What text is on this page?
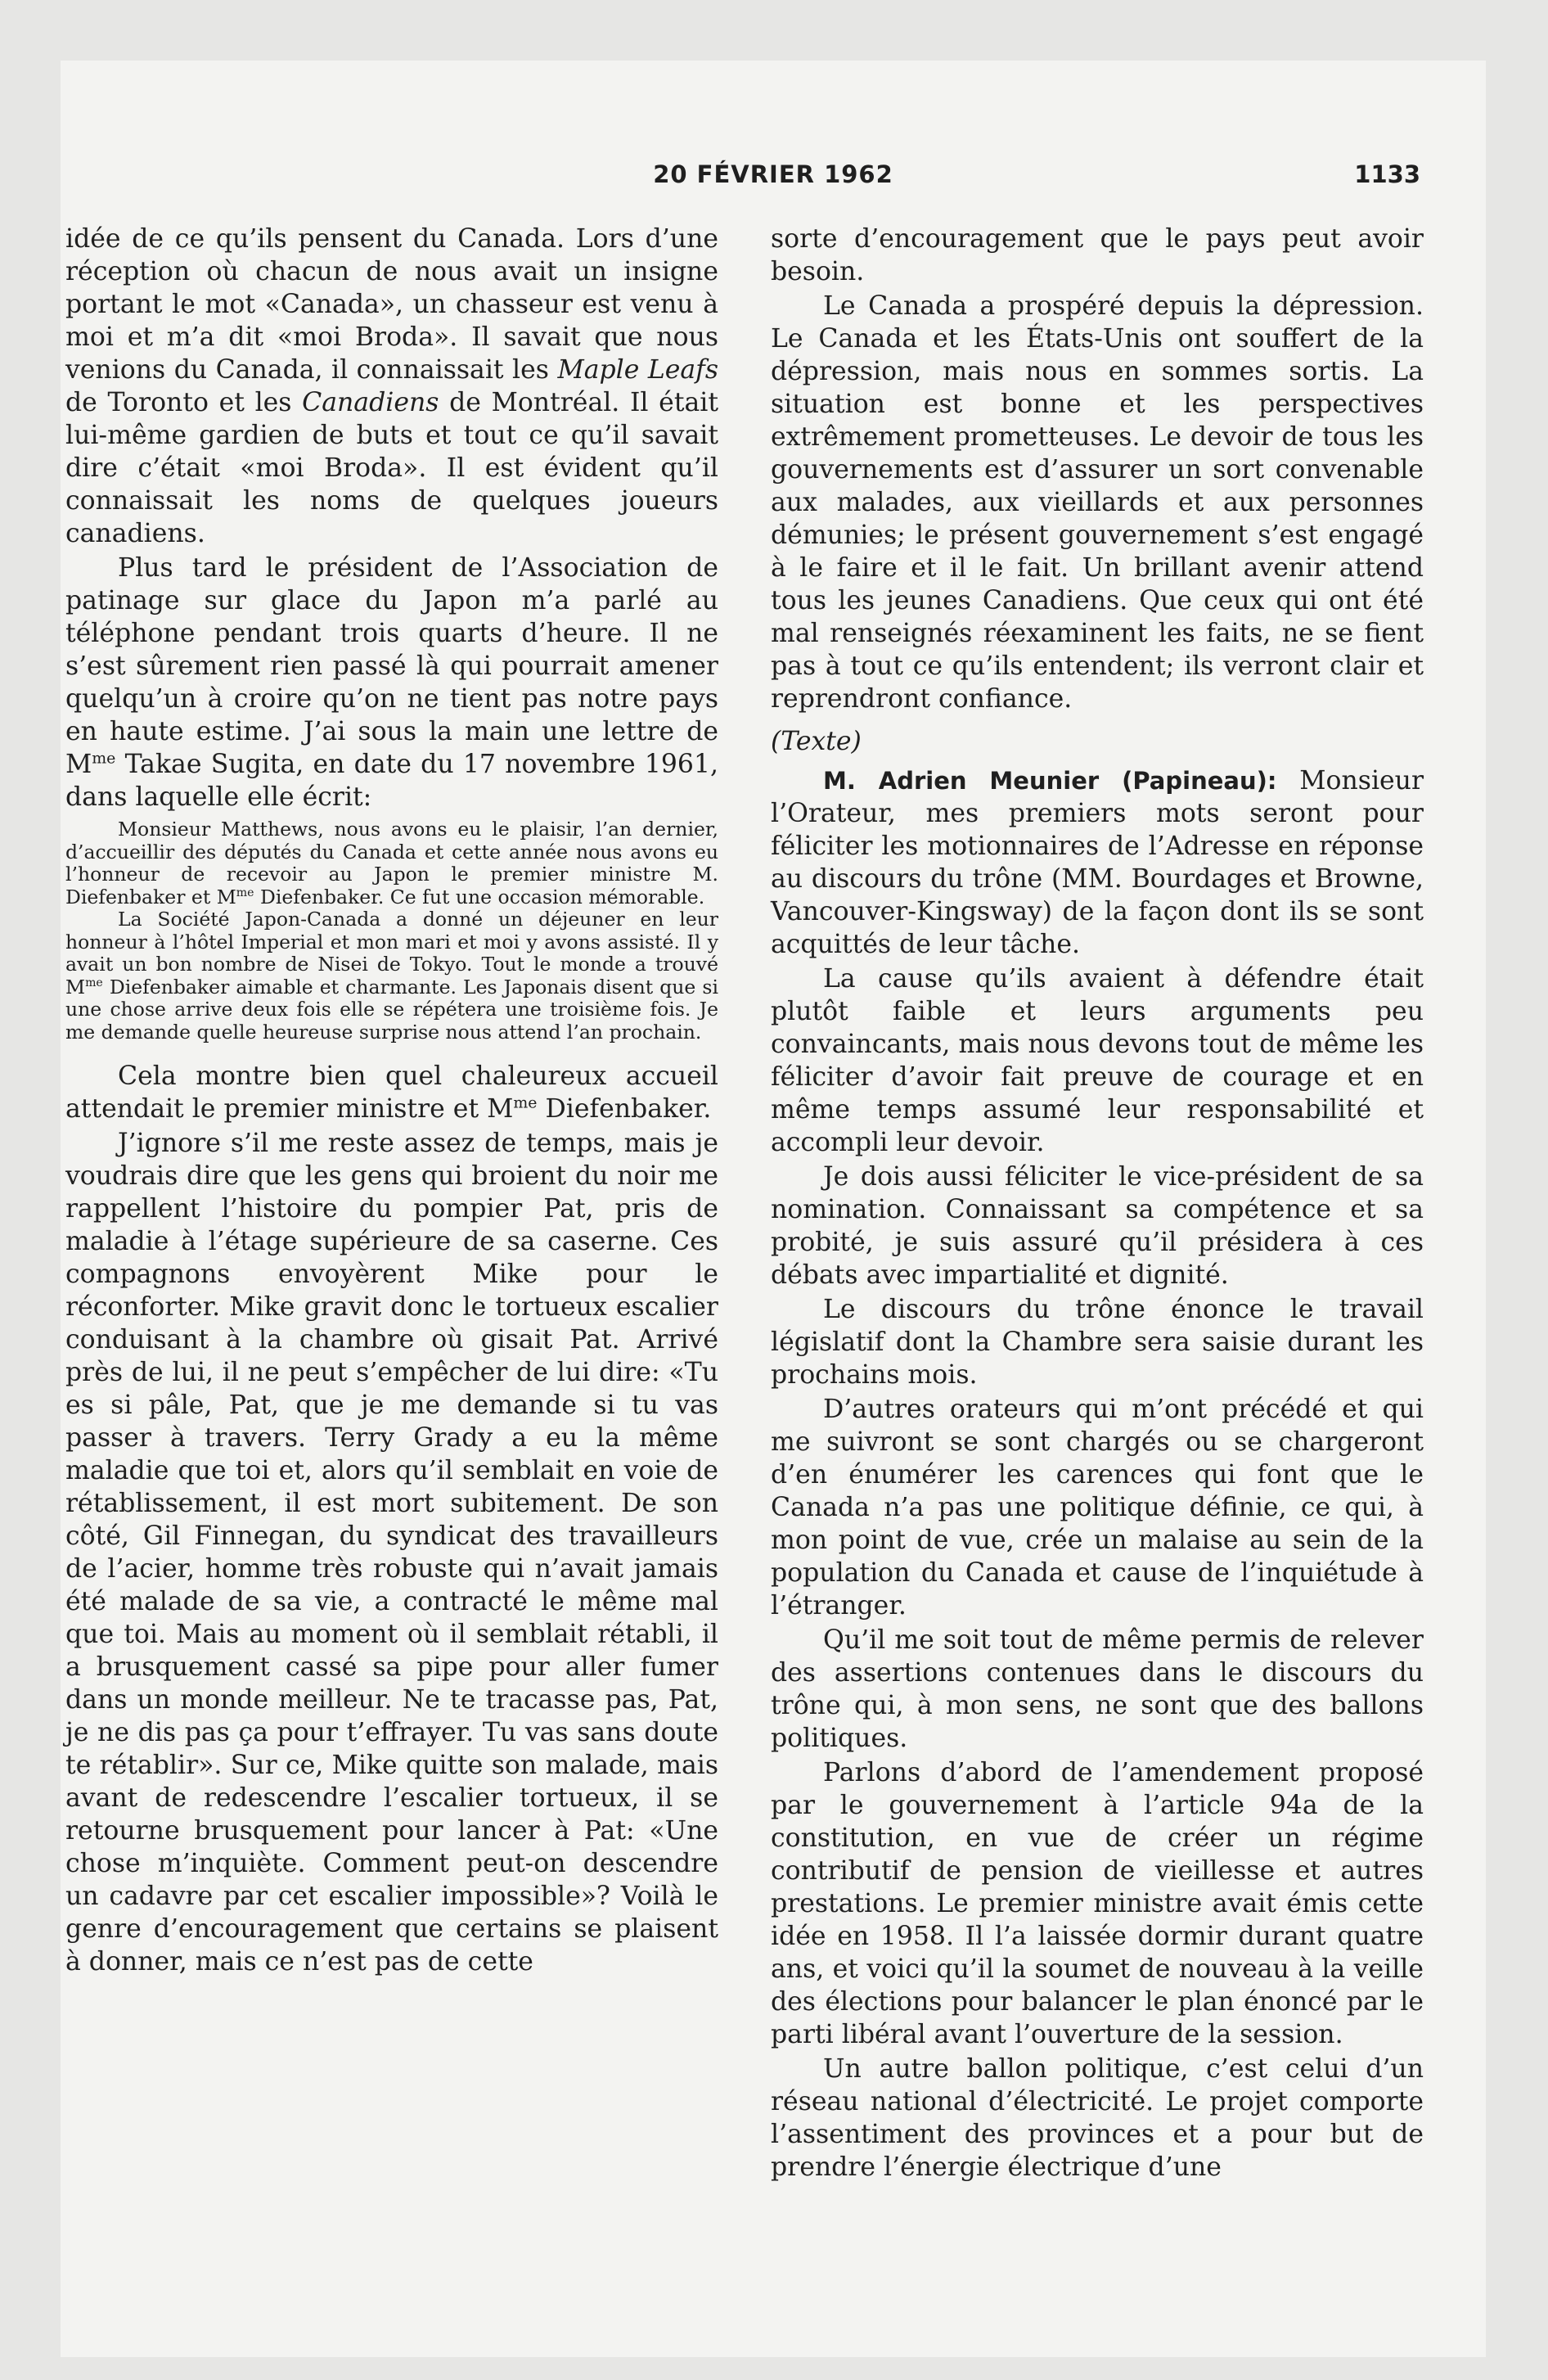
20 FÉVRIER 1962	1133

idée de ce qu’ils pensent du Canada. Lors d’une réception où chacun de nous avait un insigne portant le mot «Canada», un chasseur est venu à moi et m’a dit «moi Broda». Il savait que nous venions du Canada, il connaissait les Maple Leafs de Toronto et les Canadiens de Montréal. Il était lui-même gardien de buts et tout ce qu’il savait dire c’était «moi Broda». Il est évident qu’il connaissait les noms de quelques joueurs canadiens.

Plus tard le président de l’Association de patinage sur glace du Japon m’a parlé au téléphone pendant trois quarts d’heure. Il ne s’est sûrement rien passé là qui pourrait amener quelqu’un à croire qu’on ne tient pas notre pays en haute estime. J’ai sous la main une lettre de $M^{me}$ Takae Sugita, en date du 17 novembre 1961, dans laquelle elle écrit:

Monsieur Matthews, nous avons eu le plaisir, l’an dernier, d’accueillir des députés du Canada et cette année nous avons eu l’honneur de recevoir au Japon le premier ministre M. Diefenbaker et $M^{me}$ Diefenbaker. Ce fut une occasion mémorable.
La Société Japon-Canada a donné un déjeuner en leur honneur à l’hôtel Imperial et mon mari et moi y avons assisté. Il y avait un bon nombre de Nisei de Tokyo. Tout le monde a trouvé $M^{me}$ Diefenbaker aimable et charmante. Les Japonais disent que si une chose arrive deux fois elle se répétera une troisième fois. Je me demande quelle heureuse surprise nous attend l’an prochain.

Cela montre bien quel chaleureux accueil attendait le premier ministre et $M^{me}$ Diefenbaker.

J’ignore s’il me reste assez de temps, mais je voudrais dire que les gens qui broient du noir me rappellent l’histoire du pompier Pat, pris de maladie à l’étage supérieure de sa caserne. Ces compagnons envoyèrent Mike pour le réconforter. Mike gravit donc le tortueux escalier conduisant à la chambre où gisait Pat. Arrivé près de lui, il ne peut s’empêcher de lui dire: «Tu es si pâle, Pat, que je me demande si tu vas passer à travers. Terry Grady a eu la même maladie que toi et, alors qu’il semblait en voie de rétablissement, il est mort subitement. De son côté, Gil Finnegan, du syndicat des travailleurs de l’acier, homme très robuste qui n’avait jamais été malade de sa vie, a contracté le même mal que toi. Mais au moment où il semblait rétabli, il a brusquement cassé sa pipe pour aller fumer dans un monde meilleur. Ne te tracasse pas, Pat, je ne dis pas ça pour t’effrayer. Tu vas sans doute te rétablir». Sur ce, Mike quitte son malade, mais avant de redescendre l’escalier tortueux, il se retourne brusquement pour lancer à Pat: «Une chose m’inquiète. Comment peut-on descendre un cadavre par cet escalier impossible»? Voilà le genre d’encouragement que certains se plaisent à donner, mais ce n’est pas de cette

sorte d’encouragement que le pays peut avoir besoin.

Le Canada a prospéré depuis la dépression. Le Canada et les États-Unis ont souffert de la dépression, mais nous en sommes sortis. La situation est bonne et les perspectives extrêmement prometteuses. Le devoir de tous les gouvernements est d’assurer un sort convenable aux malades, aux vieillards et aux personnes démunies; le présent gouvernement s’est engagé à le faire et il le fait. Un brillant avenir attend tous les jeunes Canadiens. Que ceux qui ont été mal renseignés réexaminent les faits, ne se fient pas à tout ce qu’ils entendent; ils verront clair et reprendront confiance.

(Texte)

M. Adrien Meunier (Papineau): Monsieur l’Orateur, mes premiers mots seront pour féliciter les motionnaires de l’Adresse en réponse au discours du trône (MM. Bourdages et Browne, Vancouver-Kingsway) de la façon dont ils se sont acquittés de leur tâche.

La cause qu’ils avaient à défendre était plutôt faible et leurs arguments peu convaincants, mais nous devons tout de même les féliciter d’avoir fait preuve de courage et en même temps assumé leur responsabilité et accompli leur devoir.

Je dois aussi féliciter le vice-président de sa nomination. Connaissant sa compétence et sa probité, je suis assuré qu’il présidera à ces débats avec impartialité et dignité.

Le discours du trône énonce le travail législatif dont la Chambre sera saisie durant les prochains mois.

D’autres orateurs qui m’ont précédé et qui me suivront se sont chargés ou se chargeront d’en énumérer les carences qui font que le Canada n’a pas une politique définie, ce qui, à mon point de vue, crée un malaise au sein de la population du Canada et cause de l’inquiétude à l’étranger.

Qu’il me soit tout de même permis de relever des assertions contenues dans le discours du trône qui, à mon sens, ne sont que des ballons politiques.

Parlons d’abord de l’amendement proposé par le gouvernement à l’article 94a de la constitution, en vue de créer un régime contributif de pension de vieillesse et autres prestations. Le premier ministre avait émis cette idée en 1958. Il l’a laissée dormir durant quatre ans, et voici qu’il la soumet de nouveau à la veille des élections pour balancer le plan énoncé par le parti libéral avant l’ouverture de la session.

Un autre ballon politique, c’est celui d’un réseau national d’électricité. Le projet comporte l’assentiment des provinces et a pour but de prendre l’énergie électrique d’une
